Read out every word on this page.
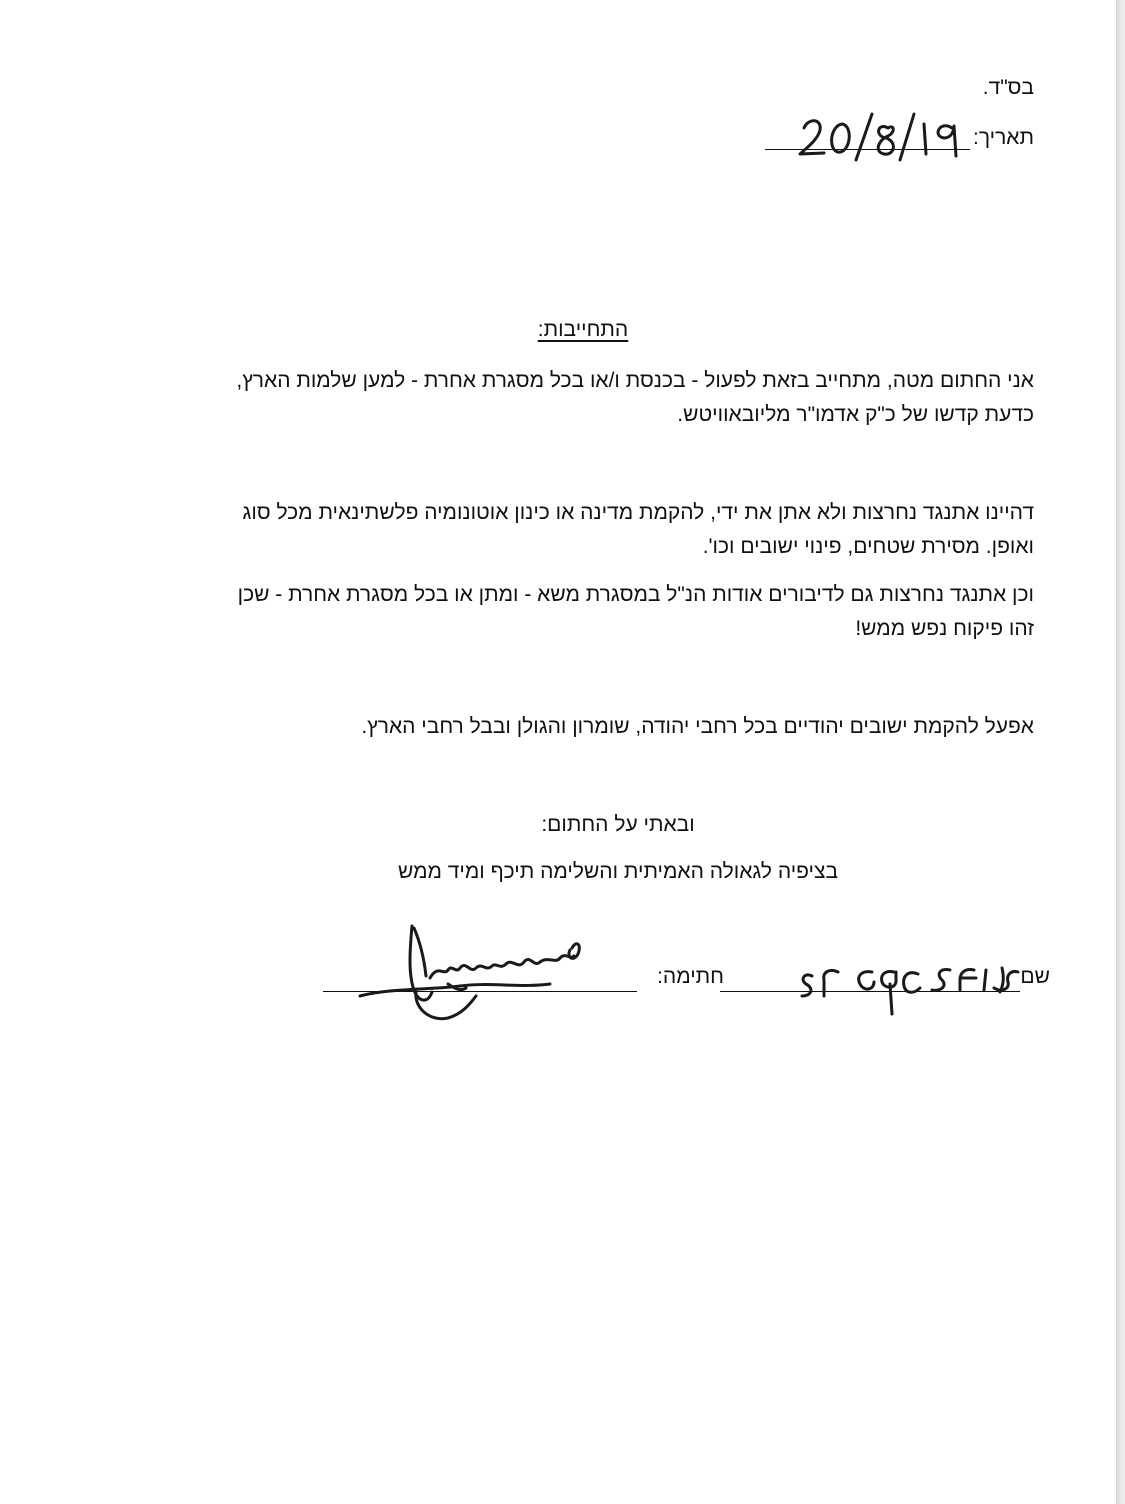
בס"ד.
תאריך:
התחייבות:
אני החתום מטה, מתחייב בזאת לפעול - בכנסת ו/או בכל מסגרת אחרת - למען שלמות הארץ,
כדעת קדשו של כ"ק אדמו"ר מליובאוויטש.
דהיינו אתנגד נחרצות ולא אתן את ידי, להקמת מדינה או כינון אוטונומיה פלשתינאית מכל סוג
ואופן. מסירת שטחים, פינוי ישובים וכו'.
וכן אתנגד נחרצות גם לדיבורים אודות הנ"ל במסגרת משא - ומתן או בכל מסגרת אחרת - שכן
זהו פיקוח נפש ממש!
אפעל להקמת ישובים יהודיים בכל רחבי יהודה, שומרון והגולן ובבל רחבי הארץ.
ובאתי על החתום:
בציפיה לגאולה האמיתית והשלימה תיכף ומיד ממש
שם
חתימה:
